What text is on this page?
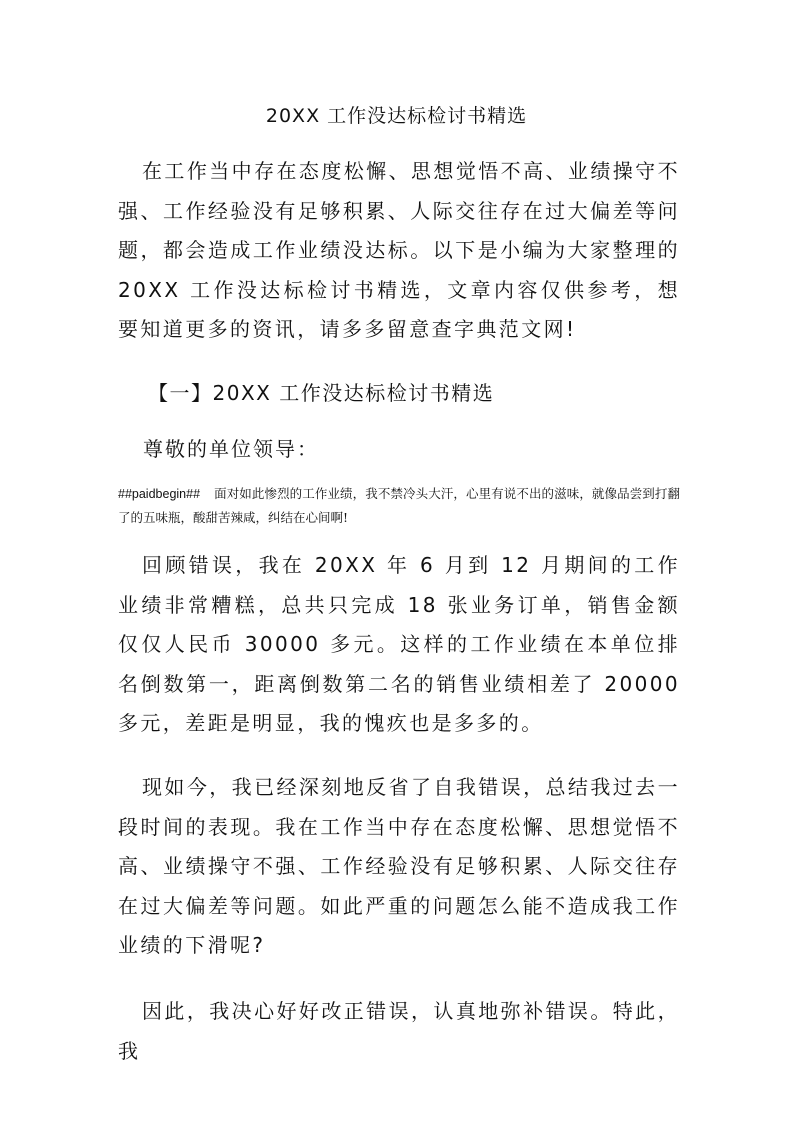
20XX 工作没达标检讨书精选

在工作当中存在态度松懈、思想觉悟不高、业绩操守不强、工作经验没有足够积累、人际交往存在过大偏差等问题，都会造成工作业绩没达标。以下是小编为大家整理的 20XX 工作没达标检讨书精选，文章内容仅供参考，想要知道更多的资讯，请多多留意查字典范文网!

【一】20XX 工作没达标检讨书精选
尊敬的单位领导：

##paidbegin## 面对如此惨烈的工作业绩，我不禁冷头大汗，心里有说不出的滋味，就像品尝到打翻了的五味瓶，酸甜苦辣咸，纠结在心间啊!

回顾错误，我在 20XX 年 6 月到 12 月期间的工作业绩非常糟糕，总共只完成 18 张业务订单，销售金额仅仅人民币 30000 多元。这样的工作业绩在本单位排名倒数第一，距离倒数第二名的销售业绩相差了 20000 多元，差距是明显，我的愧疚也是多多的。

现如今，我已经深刻地反省了自我错误，总结我过去一段时间的表现。我在工作当中存在态度松懈、思想觉悟不高、业绩操守不强、工作经验没有足够积累、人际交往存在过大偏差等问题。如此严重的问题怎么能不造成我工作业绩的下滑呢?

因此，我决心好好改正错误，认真地弥补错误。特此，我
